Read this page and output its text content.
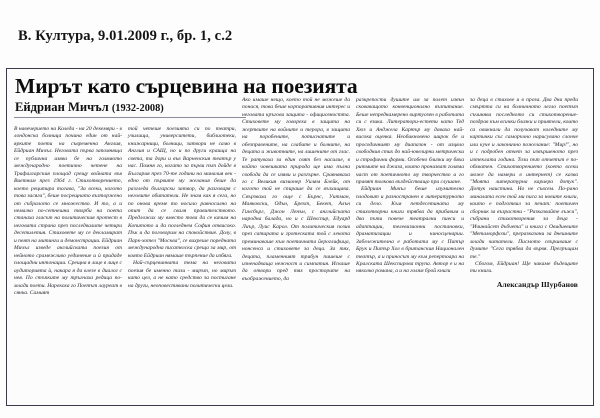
В. Култура, 9.01.2009 г., бр. 1, с.2
Мирът като сърцевина на поезията
Ейдриан Мичъл (1932-2008)

В навечерието на Коледа - на 20 декември - в лондонска болница почина един от най-ярките поети на съвременна Англия, Ейдриан Мичъл. Неговата първа запомняща се публична изява бе на голямото международно поетично четене на Трафалгарския площад срещу войната във Виетнам през 1964 г. Стихотворението, което рецитира тогава, "За всеки, когото това засяга", беше посрещнато възторжено от събралото се множество. И то, а и немалко по-сетнешни творби на поета станаха гласът на политическия протест в неговата страна през последвалите четири десетилетия. Стиховете му се декламират и пеят на митинги и демонстрации. Ейдриан Мичъл изведе английската поезия от нейното срамежливо уединение и ѝ придаде площадни интонации. Срещна я лице в лице с аудиторията ѝ, накара я да влезе в диалог с нея. По стъпките му тръгнаха редица по-млади поети. Нарекоха го Поетът лауреат в сянка. Самият

той четеше поезията си по театри, училища, университети, библиотеки, книжарници, болници, затвори не само в Англия и САЩ, но и по други краища на света, та дори и във Варненския театър у нас. Помня го, когато за първи път дойде в България през 70-те години на миналия век - едно от първите му желания беше да разгледа български затвор, да разговаря с неговите обитатели. Не знам как я сега, но по онова време то носило равносилно на опит да се сваля правителството. Предложих му вместо това да се качим на Копитото и да погледнем София отвисоко. Пък и да поговорим на спокойствие. Долу, в Парк-хотел "Москва", се вихреше поредната международна писателска среща за мир, от която Ейдриан нямаше търпение да избяга.

Най-сърцевинната тема на неговата поезия бе именно тази - мирът, но мирът като цел, а не като средство за постигане на други, неоповестявани политически цели.

Ако имаше нещо, което той не можеше да понася, това беше корпоративния интерес и неговата кръгова защита - официозността. Стиховете му говореха в защита на жертвите на войните и терора, в защита на поробените, потиснатите и обезправените, на слабите и болните, на децата и животните, на лишените от глас. Те ратуваха за един свят без насилие, в който човешката природа ще има пълна свобода да се изяви и разгърне. Сравняваха го с Великия визионер Уилям Блейк, от когото той не спираше да се възхищава. Свързваха го още с Бърнс, Уитман, Маяковски, Одън, Брехт, Бекет, Алън Гинсбърг, Джон Ленън, с английската народна балада, но и с Шекспир, Едуард Лиър, Луис Карол. От политическия позив през сатирата и гротеската той с лекота преминаваше към поетичната йероглифица, нонсенса и стиховете за деца. За тях, децата, пламенният трибун пишеше с изненадваща нежност и симпатия. Искаше да отвори пред тях просторите на въображението, да

разкрепости душите им за полет извън сковаващото конвенционално възпитание. Беше непреднамерено виртуозен в работата си с езика. Литератори-естети като Тед Хюз и Анджела Картър му даваха най-висока оценка. Необикновено широк бе и просодичният му диапазон - от изцяло свободния стих до най-ювелирни метрически и строфични форми. Особено близки му бяха ритмите на джаза, които пронизват голяма част от поетичното му творчество и го правят толкова въздействащо при слушане.

Ейдриан Мичъл беше изумително плодовит и разностранен в литературното си дело. Към петдесетината му стихотворни книги трябва да прибавим и два пъти повече театрални пиеси и адаптации, телевизионни постановки, драматизации и киносценарии. Забележителна е работата му с Питър Брук и Питър Хол в британския Национален театър, а и приносът му към репертоара на Кралската Шекспирова трупа. Автор е и на няколко романа, а и на голям брой книги

за деца в стихове и в проза. Два дни преди смъртта си на болничното легло поетът съчинява последното си стихотворение-поздрав към всички близки и приятели, които са овикнали да получават коледните му картички със саморъчно нарисувано слонче или куче и лаконично пожелание: "Мир!", но и с подробен отчет за извършеното през изтеклата година. Този път отчетът е по-обхватен. Стихотворението (което всеки може да намери в интернет) се казва "Моята литературна кариера дотук". Дотук наистина. Но не съвсем. По-рано миналата есен той ми писа за новите книги, които е подготвил за печат: поетичен сборник за възрастни - "Разказвайте лъжи", събрани стихотворения за деца - "Ичинайсет дъбчета" и книга с Овидиевите "Метаморфози", преразказани за днешните млади читатели. Писмото свършваше с думите "Сега трябва да вървя. Прегръщам те."

Сбогом, Ейдриан! Ще чакаме бъдещите ти книги.

Александър Шурбанов
